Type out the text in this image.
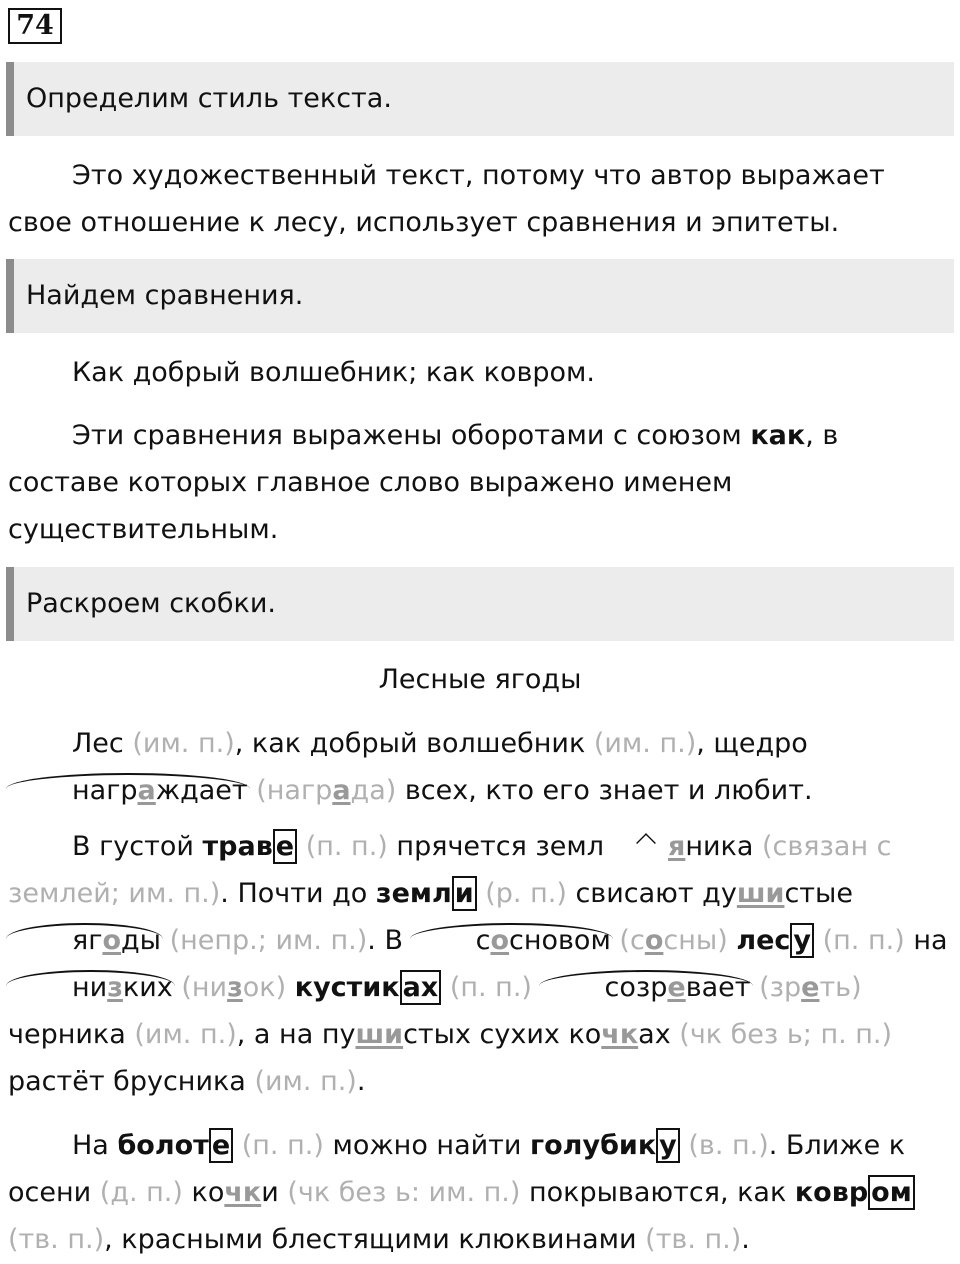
74
Определим стиль текста.

Это художественный текст, потому что автор выражает свое отношение к лесу, использует сравнения и эпитеты.

Найдем сравнения.

Как добрый волшебник; как ковром.

Эти сравнения выражены оборотами с союзом как, в составе которых главное слово выражено именем существительным.

Раскроем скобки.

Лесные ягоды

Лес (им. п.), как добрый волшебник (им. п.), щедро награждает (награда) всех, кто его знает и любит.

В густой трав е (п. п.) прячется земл яника (связан с землей; им. п.). Почти до земл и (р. п.) свисают душистые ягоды (непр.; им. п.). В сосновом (сосны) лес у (п. п.) на низких (низок) кустик ах (п. п.)	созревает (зреть) черника (им. п.), а на пушистых сухих кочках (чк без ь; п. п.) растёт брусника (им. п.).

На болот е (п. п.) можно найти голубик у (в. п.). Ближе к осени (д. п.) кочки (чк без ь: им. п.) покрываются, как ковр ом (тв. п.), красными блестящими клюквинами (тв. п.).
